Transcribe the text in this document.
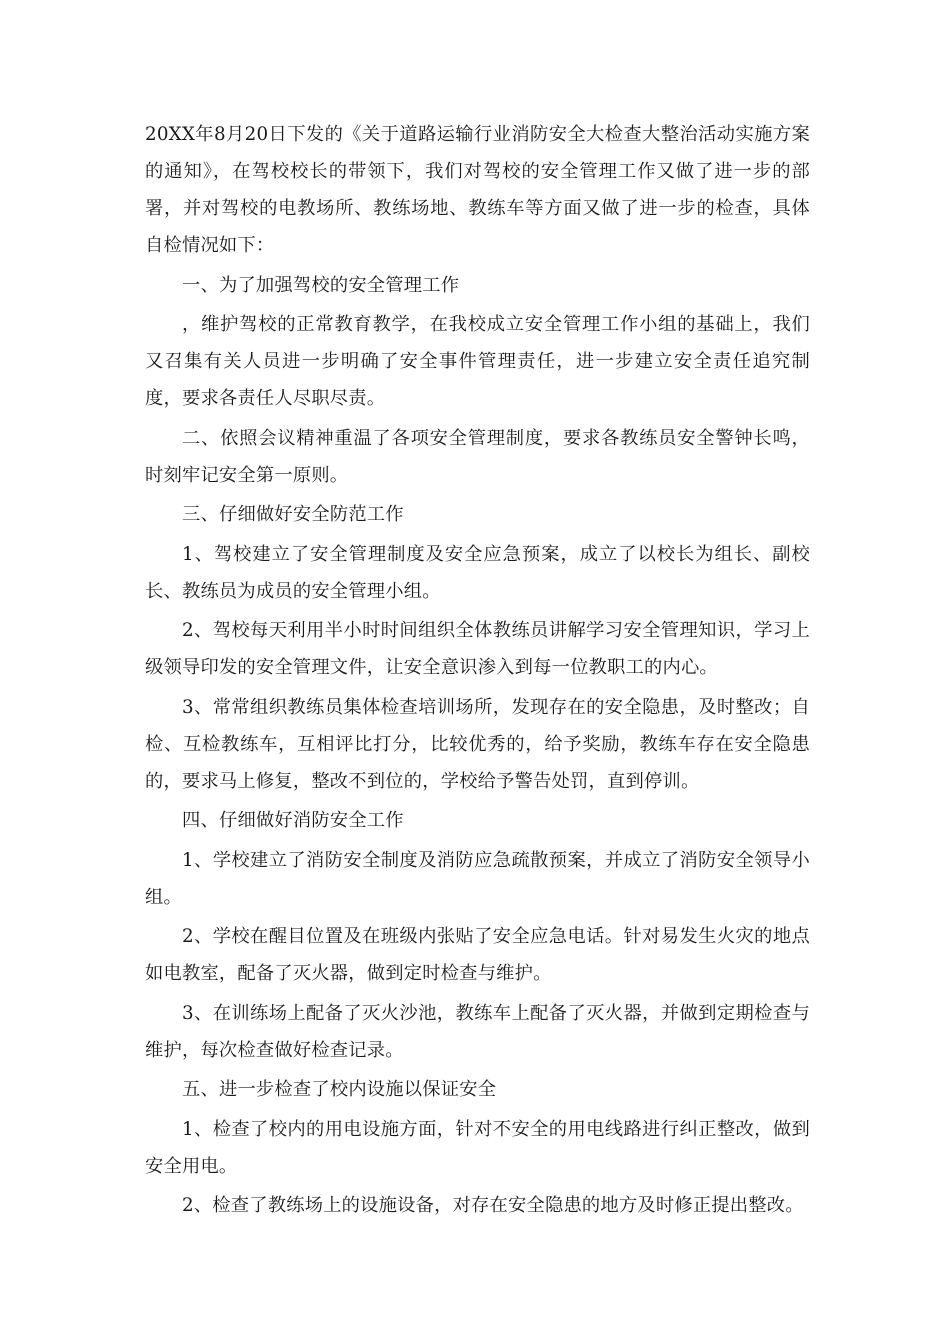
20XX年8月20日下发的《关于道路运输行业消防安全大检查大整治活动实施方案的通知》，在驾校校长的带领下，我们对驾校的安全管理工作又做了进一步的部署，并对驾校的电教场所、教练场地、教练车等方面又做了进一步的检查，具体自检情况如下：

一、为了加强驾校的安全管理工作

，维护驾校的正常教育教学，在我校成立安全管理工作小组的基础上，我们又召集有关人员进一步明确了安全事件管理责任，进一步建立安全责任追究制度，要求各责任人尽职尽责。

二、依照会议精神重温了各项安全管理制度，要求各教练员安全警钟长鸣，时刻牢记安全第一原则。

三、仔细做好安全防范工作

1、驾校建立了安全管理制度及安全应急预案，成立了以校长为组长、副校长、教练员为成员的安全管理小组。

2、驾校每天利用半小时时间组织全体教练员讲解学习安全管理知识，学习上级领导印发的安全管理文件，让安全意识渗入到每一位教职工的内心。

3、常常组织教练员集体检查培训场所，发现存在的安全隐患，及时整改；自检、互检教练车，互相评比打分，比较优秀的，给予奖励，教练车存在安全隐患的，要求马上修复，整改不到位的，学校给予警告处罚，直到停训。

四、仔细做好消防安全工作

1、学校建立了消防安全制度及消防应急疏散预案，并成立了消防安全领导小组。

2、学校在醒目位置及在班级内张贴了安全应急电话。针对易发生火灾的地点如电教室，配备了灭火器，做到定时检查与维护。

3、在训练场上配备了灭火沙池，教练车上配备了灭火器，并做到定期检查与维护，每次检查做好检查记录。

五、进一步检查了校内设施以保证安全

1、检查了校内的用电设施方面，针对不安全的用电线路进行纠正整改，做到安全用电。

2、检查了教练场上的设施设备，对存在安全隐患的地方及时修正提出整改。
